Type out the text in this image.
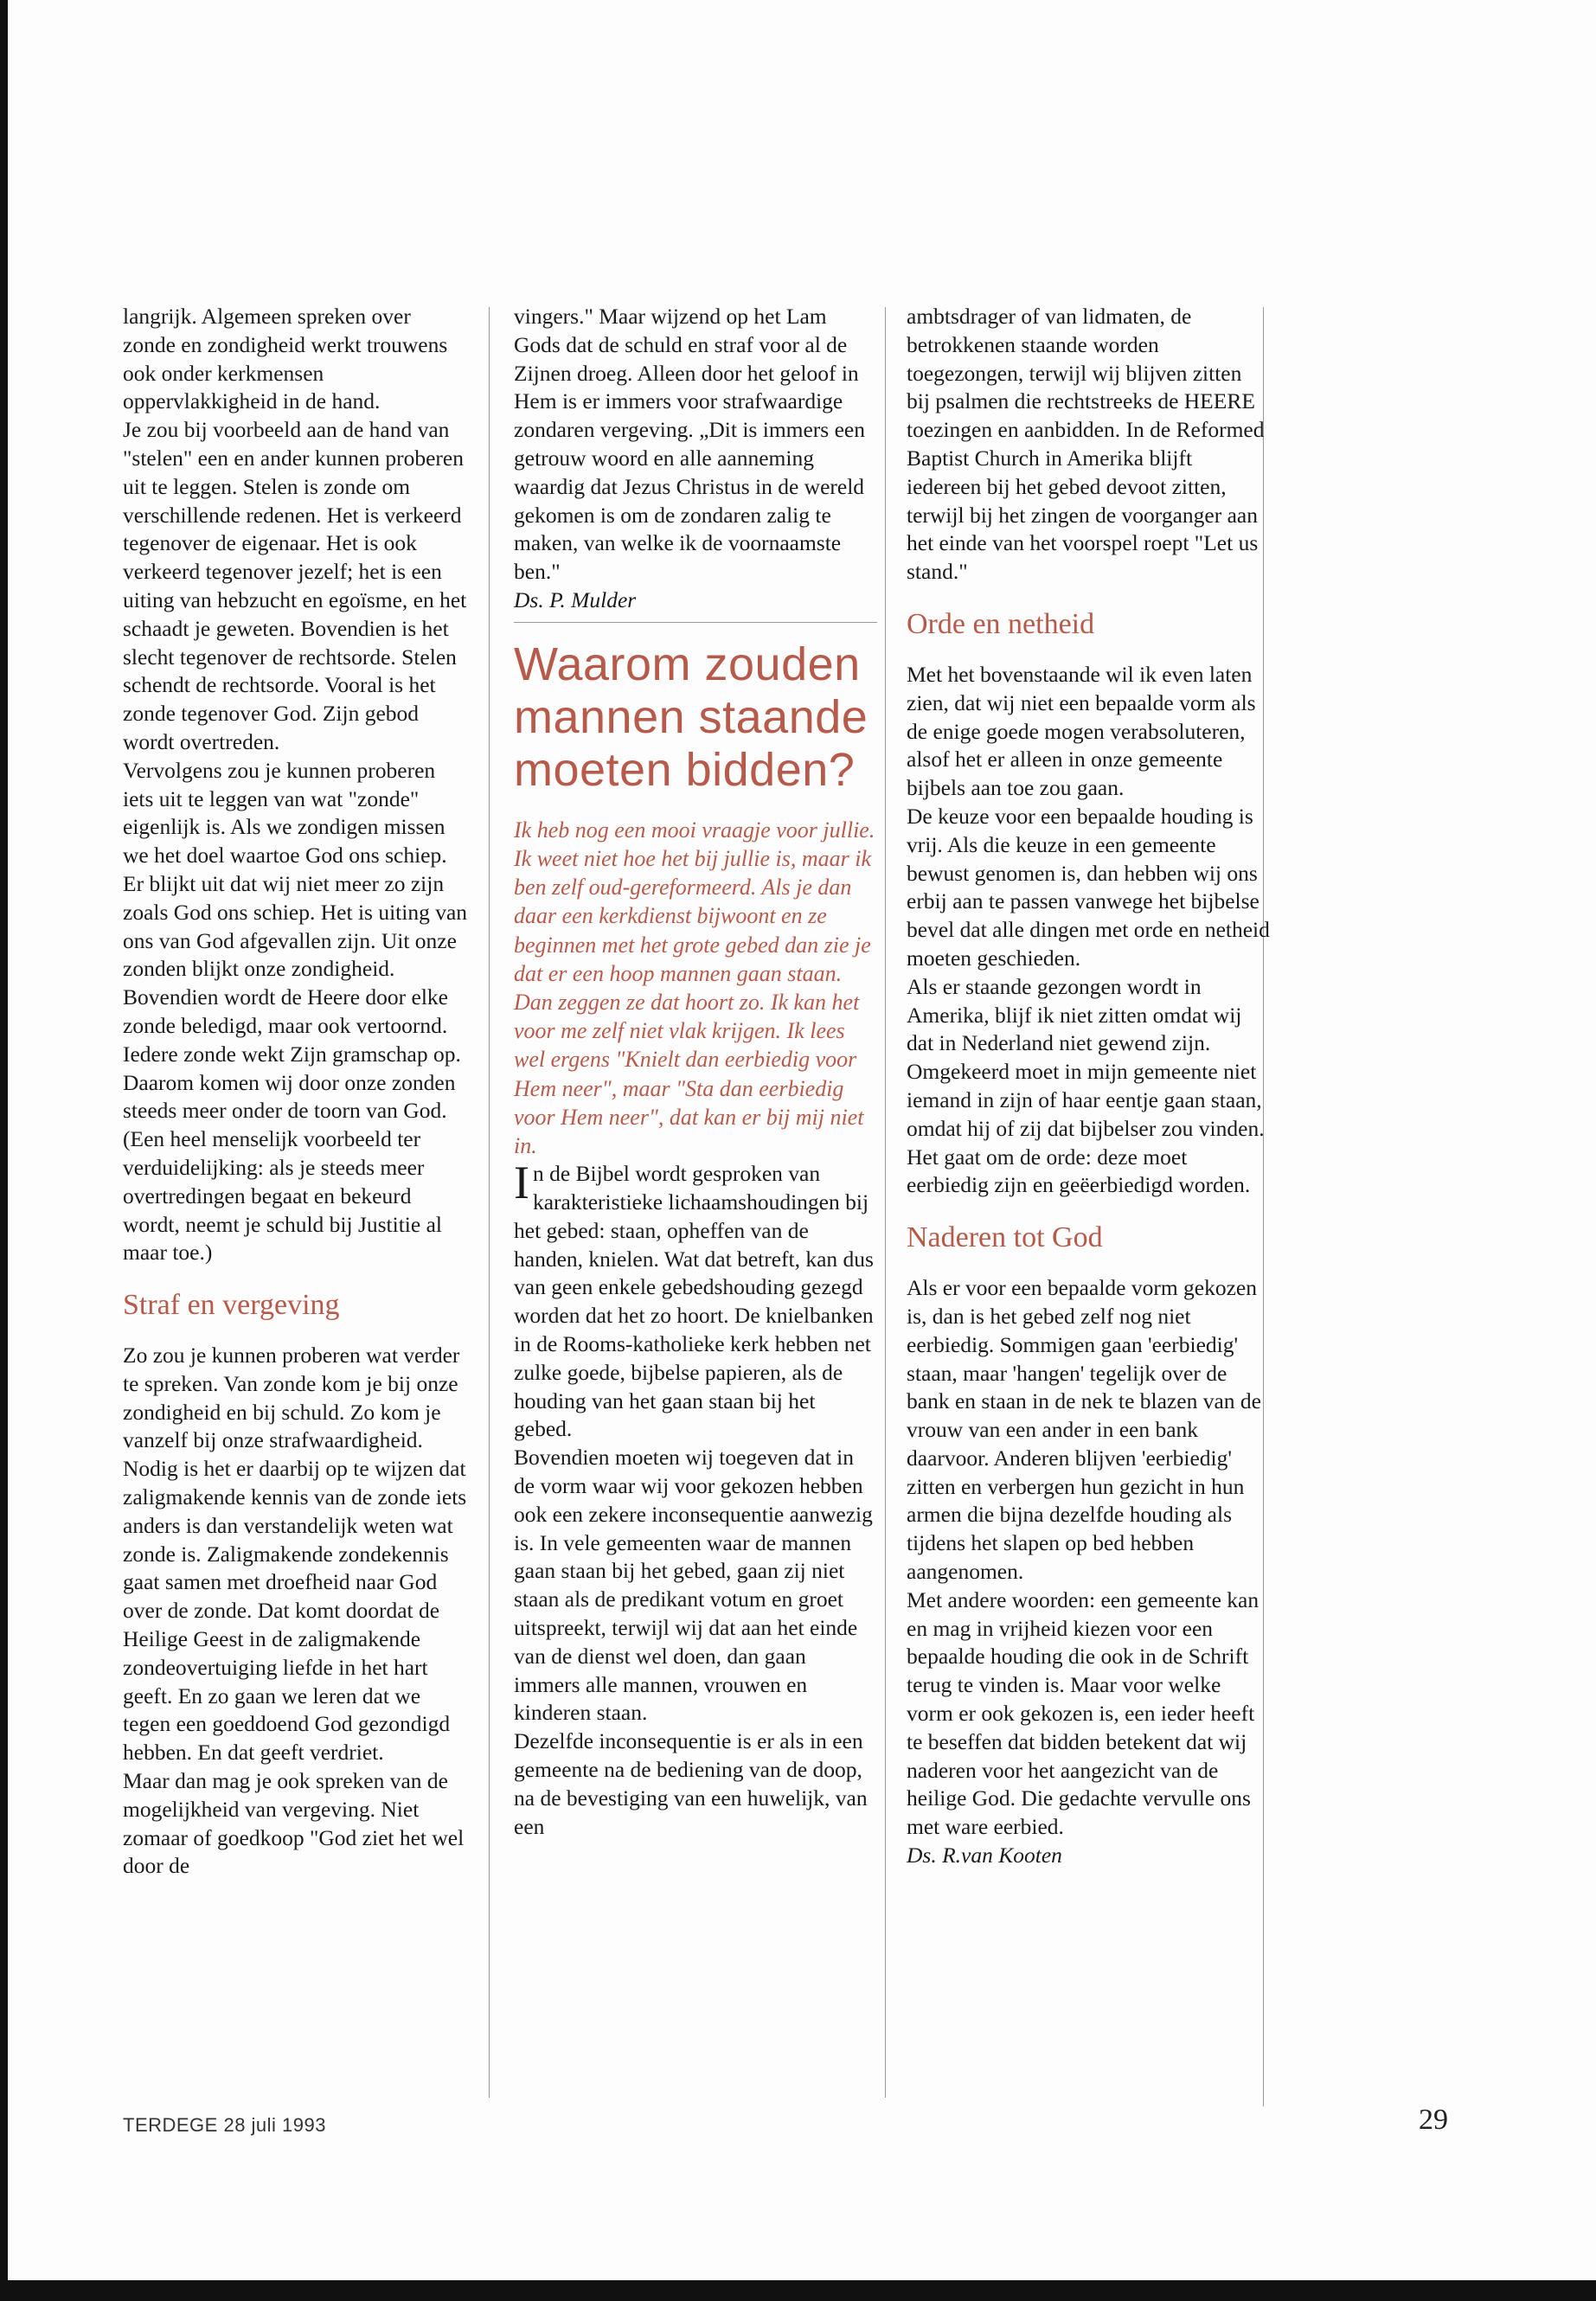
langrijk. Algemeen spreken over zonde en zondigheid werkt trouwens ook onder kerkmensen oppervlakkigheid in de hand.

Je zou bij voorbeeld aan de hand van "stelen" een en ander kunnen proberen uit te leggen. Stelen is zonde om verschillende redenen. Het is verkeerd tegenover de eigenaar. Het is ook verkeerd tegenover jezelf; het is een uiting van hebzucht en egoïsme, en het schaadt je geweten. Bovendien is het slecht tegenover de rechtsorde. Stelen schendt de rechtsorde. Vooral is het zonde tegenover God. Zijn gebod wordt overtreden.

Vervolgens zou je kunnen proberen iets uit te leggen van wat "zonde" eigenlijk is. Als we zondigen missen we het doel waartoe God ons schiep. Er blijkt uit dat wij niet meer zo zijn zoals God ons schiep. Het is uiting van ons van God afgevallen zijn. Uit onze zonden blijkt onze zondigheid. Bovendien wordt de Heere door elke zonde beledigd, maar ook vertoornd. Iedere zonde wekt Zijn gramschap op. Daarom komen wij door onze zonden steeds meer onder de toorn van God. (Een heel menselijk voorbeeld ter verduidelijking: als je steeds meer overtredingen begaat en bekeurd wordt, neemt je schuld bij Justitie al maar toe.)

Straf en vergeving

Zo zou je kunnen proberen wat verder te spreken. Van zonde kom je bij onze zondigheid en bij schuld. Zo kom je vanzelf bij onze strafwaardigheid. Nodig is het er daarbij op te wijzen dat zaligmakende kennis van de zonde iets anders is dan verstandelijk weten wat zonde is. Zaligmakende zondekennis gaat samen met droefheid naar God over de zonde. Dat komt doordat de Heilige Geest in de zaligmakende zondeovertuiging liefde in het hart geeft. En zo gaan we leren dat we tegen een goeddoend God gezondigd hebben. En dat geeft verdriet.

Maar dan mag je ook spreken van de mogelijkheid van vergeving. Niet zomaar of goedkoop "God ziet het wel door de

vingers." Maar wijzend op het Lam Gods dat de schuld en straf voor al de Zijnen droeg. Alleen door het geloof in Hem is er immers voor strafwaardige zondaren vergeving. „Dit is immers een getrouw woord en alle aanneming waardig dat Jezus Christus in de wereld gekomen is om de zondaren zalig te maken, van welke ik de voornaamste ben."

Ds. P. Mulder

Waarom zouden mannen staande moeten bidden?

Ik heb nog een mooi vraagje voor jullie. Ik weet niet hoe het bij jullie is, maar ik ben zelf oud-gereformeerd. Als je dan daar een kerkdienst bijwoont en ze beginnen met het grote gebed dan zie je dat er een hoop mannen gaan staan. Dan zeggen ze dat hoort zo. Ik kan het voor me zelf niet vlak krijgen. Ik lees wel ergens "Knielt dan eerbiedig voor Hem neer", maar "Sta dan eerbiedig voor Hem neer", dat kan er bij mij niet in.

In de Bijbel wordt gesproken van karakteristieke lichaamshoudingen bij het gebed: staan, opheffen van de handen, knielen. Wat dat betreft, kan dus van geen enkele gebedshouding gezegd worden dat het zo hoort. De knielbanken in de Rooms-katholieke kerk hebben net zulke goede, bijbelse papieren, als de houding van het gaan staan bij het gebed.

Bovendien moeten wij toegeven dat in de vorm waar wij voor gekozen hebben ook een zekere inconsequentie aanwezig is. In vele gemeenten waar de mannen gaan staan bij het gebed, gaan zij niet staan als de predikant votum en groet uitspreekt, terwijl wij dat aan het einde van de dienst wel doen, dan gaan immers alle mannen, vrouwen en kinderen staan.

Dezelfde inconsequentie is er als in een gemeente na de bediening van de doop, na de bevestiging van een huwelijk, van een

ambtsdrager of van lidmaten, de betrokkenen staande worden toegezongen, terwijl wij blijven zitten bij psalmen die rechtstreeks de HEERE toezingen en aanbidden. In de Reformed Baptist Church in Amerika blijft iedereen bij het gebed devoot zitten, terwijl bij het zingen de voorganger aan het einde van het voorspel roept "Let us stand."

Orde en netheid

Met het bovenstaande wil ik even laten zien, dat wij niet een bepaalde vorm als de enige goede mogen verabsoluteren, alsof het er alleen in onze gemeente bijbels aan toe zou gaan.

De keuze voor een bepaalde houding is vrij. Als die keuze in een gemeente bewust genomen is, dan hebben wij ons erbij aan te passen vanwege het bijbelse bevel dat alle dingen met orde en netheid moeten geschieden.

Als er staande gezongen wordt in Amerika, blijf ik niet zitten omdat wij dat in Nederland niet gewend zijn. Omgekeerd moet in mijn gemeente niet iemand in zijn of haar eentje gaan staan, omdat hij of zij dat bijbelser zou vinden. Het gaat om de orde: deze moet eerbiedig zijn en geëerbiedigd worden.

Naderen tot God

Als er voor een bepaalde vorm gekozen is, dan is het gebed zelf nog niet eerbiedig. Sommigen gaan 'eerbiedig' staan, maar 'hangen' tegelijk over de bank en staan in de nek te blazen van de vrouw van een ander in een bank daarvoor. Anderen blijven 'eerbiedig' zitten en verbergen hun gezicht in hun armen die bijna dezelfde houding als tijdens het slapen op bed hebben aangenomen.

Met andere woorden: een gemeente kan en mag in vrijheid kiezen voor een bepaalde houding die ook in de Schrift terug te vinden is. Maar voor welke vorm er ook gekozen is, een ieder heeft te beseffen dat bidden betekent dat wij naderen voor het aangezicht van de heilige God. Die gedachte vervulle ons met ware eerbied.

Ds. R.van Kooten

TERDEGE 28 juli 1993	29
